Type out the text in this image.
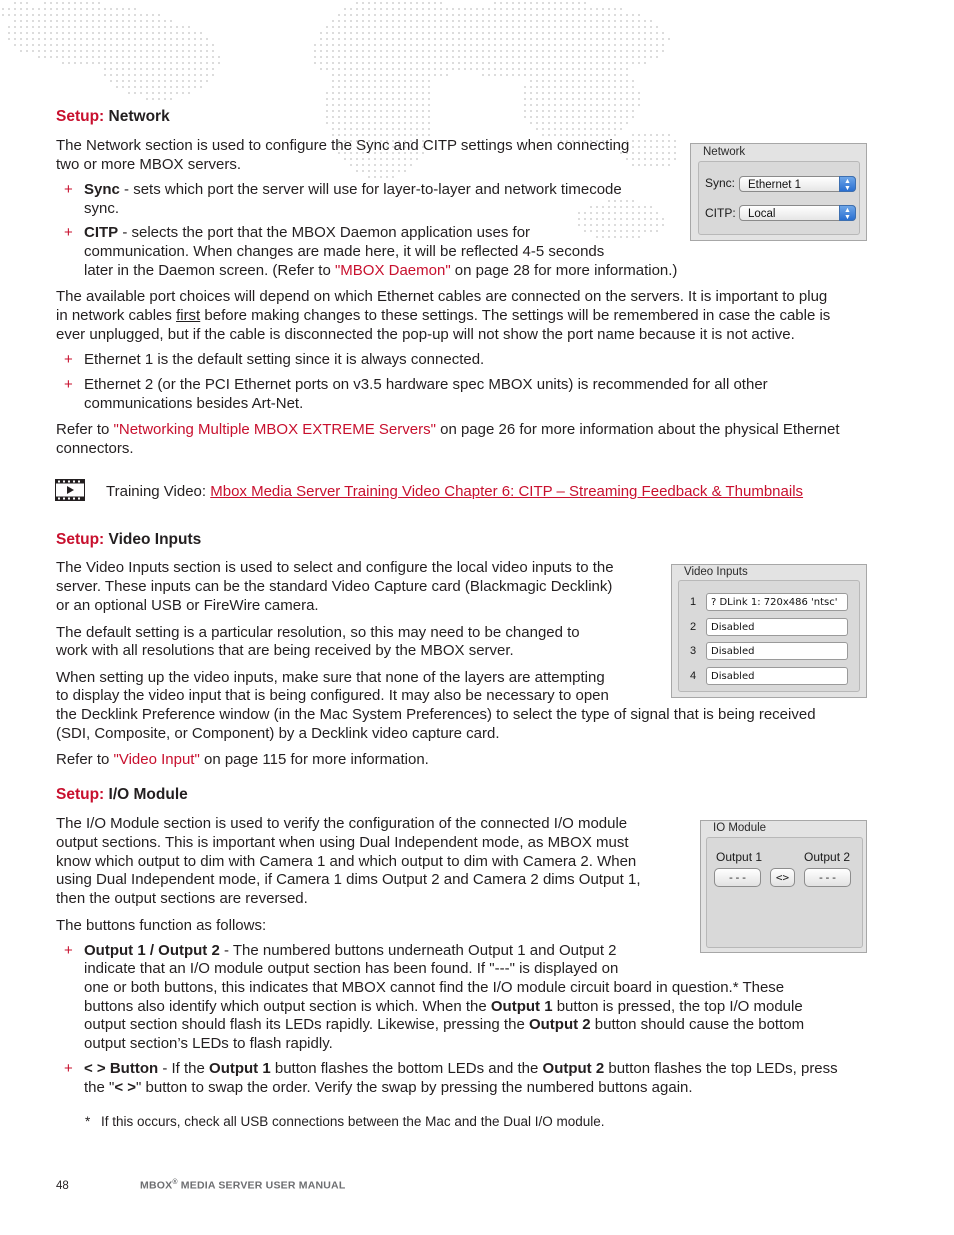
Setup: Network
The Network section is used to configure the Sync and CITP settings when connecting
two or more MBOX servers.
+ Sync - sets which port the server will use for layer-to-layer and network timecode
sync.
+ CITP - selects the port that the MBOX Daemon application uses for
communication. When changes are made here, it will be reflected 4-5 seconds
later in the Daemon screen. (Refer to "MBOX Daemon" on page 28 for more information.)
The available port choices will depend on which Ethernet cables are connected on the servers. It is important to plug
in network cables first before making changes to these settings. The settings will be remembered in case the cable is
ever unplugged, but if the cable is disconnected the pop-up will not show the port name because it is not active.
+ Ethernet 1 is the default setting since it is always connected.
+ Ethernet 2 (or the PCI Ethernet ports on v3.5 hardware spec MBOX units) is recommended for all other
communications besides Art-Net.
Refer to "Networking Multiple MBOX EXTREME Servers" on page 26 for more information about the physical Ethernet
connectors.
Training Video: Mbox Media Server Training Video Chapter 6: CITP – Streaming Feedback & Thumbnails
Network
Sync:	Ethernet 1	▲
▼
CITP:	Local	▲
▼
Setup: Video Inputs
The Video Inputs section is used to select and configure the local video inputs to the
server. These inputs can be the standard Video Capture card (Blackmagic Decklink)
or an optional USB or FireWire camera.
The default setting is a particular resolution, so this may need to be changed to
work with all resolutions that are being received by the MBOX server.
When setting up the video inputs, make sure that none of the layers are attempting
to display the video input that is being configured. It may also be necessary to open
the Decklink Preference window (in the Mac System Preferences) to select the type of signal that is being received
(SDI, Composite, or Component) by a Decklink video capture card.
Refer to "Video Input" on page 115 for more information.
Video Inputs
1	? DLink 1: 720x486 'ntsc'
2	Disabled
3	Disabled
4	Disabled
Setup: I/O Module
The I/O Module section is used to verify the configuration of the connected I/O module
output sections. This is important when using Dual Independent mode, as MBOX must
know which output to dim with Camera 1 and which output to dim with Camera 2. When
using Dual Independent mode, if Camera 1 dims Output 2 and Camera 2 dims Output 1,
then the output sections are reversed.
The buttons function as follows:
+ Output 1 / Output 2 - The numbered buttons underneath Output 1 and Output 2
indicate that an I/O module output section has been found. If "---" is displayed on
one or both buttons, this indicates that MBOX cannot find the I/O module circuit board in question.* These
buttons also identify which output section is which. When the Output 1 button is pressed, the top I/O module
output section should flash its LEDs rapidly. Likewise, pressing the Output 2 button should cause the bottom
output section’s LEDs to flash rapidly.
+ < > Button - If the Output 1 button flashes the bottom LEDs and the Output 2 button flashes the top LEDs, press
the "< >" button to swap the order. Verify the swap by pressing the numbered buttons again.
* If this occurs, check all USB connections between the Mac and the Dual I/O module.
IO Module
Output 1	Output 2
---	<>	---
48	MBOX® MEDIA SERVER USER MANUAL
